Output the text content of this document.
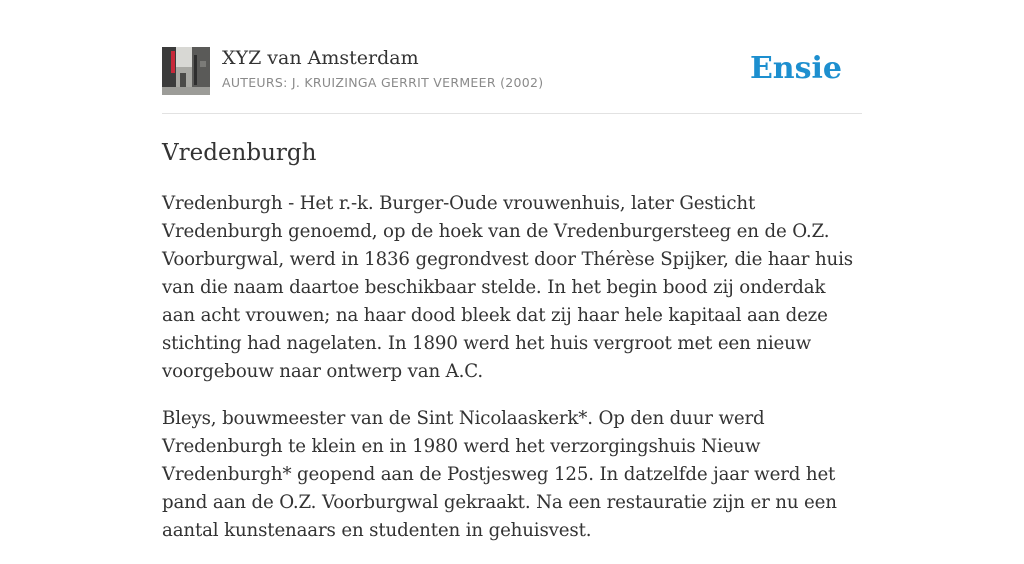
XYZ van Amsterdam
AUTEURS: J. KRUIZINGA GERRIT VERMEER (2002)	Ensie
Vredenburgh

Vredenburgh - Het r.-k. Burger-Oude vrouwenhuis, later Gesticht Vredenburgh genoemd, op de hoek van de Vredenburgersteeg en de O.Z. Voorburgwal, werd in 1836 gegrondvest door Thérèse Spijker, die haar huis van die naam daartoe beschikbaar stelde. In het begin bood zij onderdak aan acht vrouwen; na haar dood bleek dat zij haar hele kapitaal aan deze stichting had nagelaten. In 1890 werd het huis vergroot met een nieuw voorgebouw naar ontwerp van A.C.

Bleys, bouwmeester van de Sint Nicolaaskerk*. Op den duur werd Vredenburgh te klein en in 1980 werd het verzorgingshuis Nieuw Vredenburgh* geopend aan de Postjesweg 125. In datzelfde jaar werd het pand aan de O.Z. Voorburgwal gekraakt. Na een restauratie zijn er nu een aantal kunstenaars en studenten in gehuisvest.
